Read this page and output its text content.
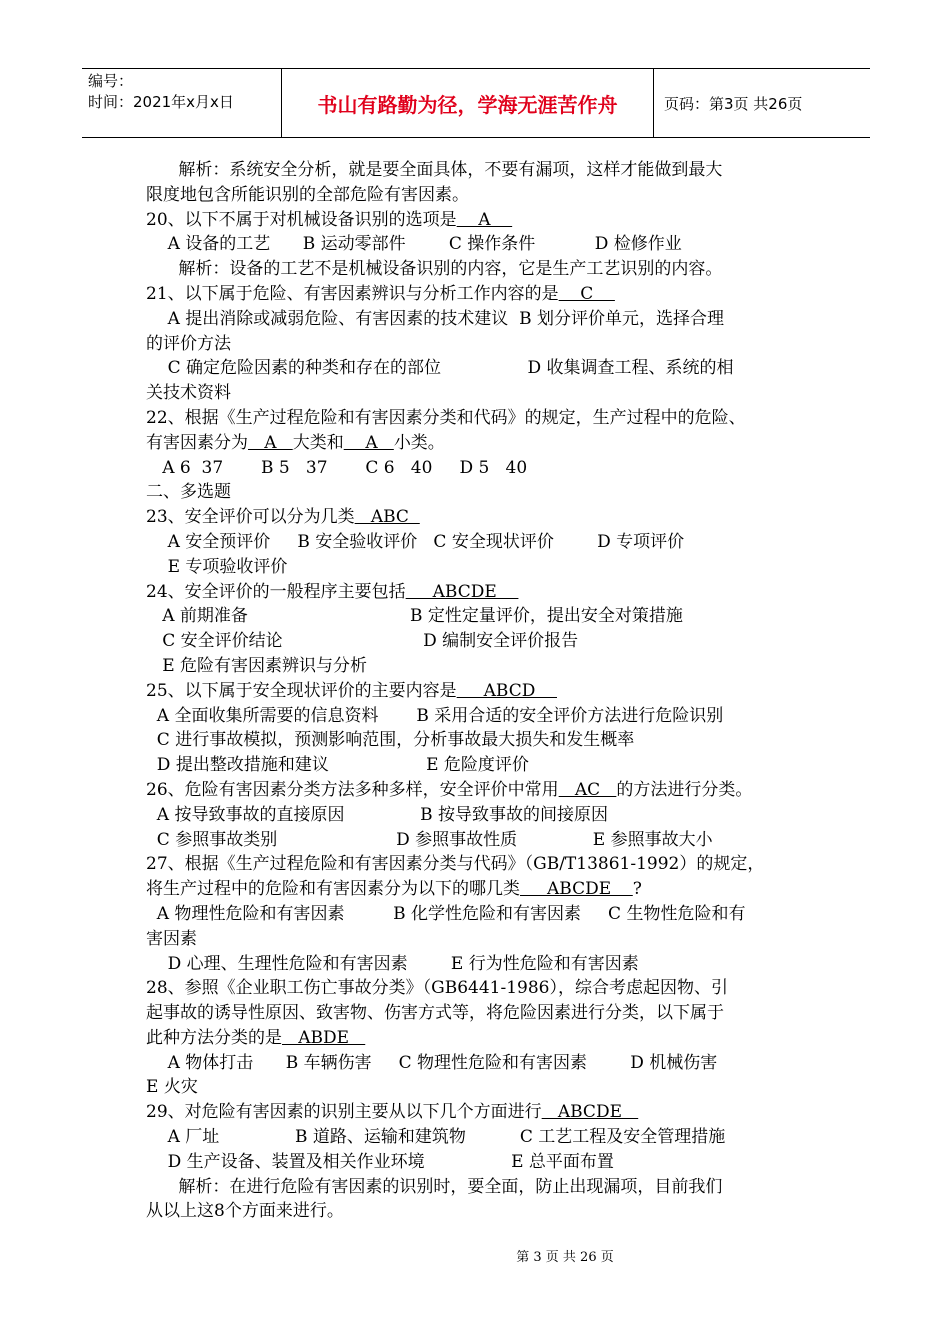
编号：
时间：2021年x月x日	书山有路勤为径，学海无涯苦作舟	页码：第3页 共26页
解析：系统安全分析，就是要全面具体，不要有漏项，这样才能做到最大
限度地包含所能识别的全部危险有害因素。
20、以下不属于对机械设备识别的选项是    A
A 设备的工艺      B 运动零部件        C 操作条件           D 检修作业
解析：设备的工艺不是机械设备识别的内容，它是生产工艺识别的内容。
21、以下属于危险、有害因素辨识与分析工作内容的是    C
A 提出消除或减弱危险、有害因素的技术建议  B 划分评价单元，选择合理
的评价方法
C 确定危险因素的种类和存在的部位                D 收集调查工程、系统的相
关技术资料
22、根据《生产过程危险和有害因素分类和代码》的规定，生产过程中的危险、
有害因素分为   A   大类和    A   小类。
A 6  37       B 5   37       C 6   40     D 5   40
二、多选题
23、安全评价可以分为几类   ABC
A 安全预评价     B 安全验收评价   C 安全现状评价        D 专项评价
E 专项验收评价
24、安全评价的一般程序主要包括     ABCDE
A 前期准备                              B 定性定量评价，提出安全对策措施
C 安全评价结论                          D 编制安全评价报告
E 危险有害因素辨识与分析
25、以下属于安全现状评价的主要内容是     ABCD
A 全面收集所需要的信息资料       B 采用合适的安全评价方法进行危险识别
C 进行事故模拟，预测影响范围，分析事故最大损失和发生概率
D 提出整改措施和建议                  E 危险度评价
26、危险有害因素分类方法多种多样，安全评价中常用   AC   的方法进行分类。
A 按导致事故的直接原因              B 按导致事故的间接原因
C 参照事故类别                      D 参照事故性质              E 参照事故大小
27、根据《生产过程危险和有害因素分类与代码》（GB/T13861-1992）的规定，
将生产过程中的危险和有害因素分为以下的哪几类     ABCDE    ?
A 物理性危险和有害因素         B 化学性危险和有害因素     C 生物性危险和有
害因素
D 心理、生理性危险和有害因素        E 行为性危险和有害因素
28、参照《企业职工伤亡事故分类》（GB6441-1986），综合考虑起因物、引
起事故的诱导性原因、致害物、伤害方式等，将危险因素进行分类，以下属于
此种方法分类的是   ABDE
A 物体打击      B 车辆伤害     C 物理性危险和有害因素        D 机械伤害
E 火灾
29、对危险有害因素的识别主要从以下几个方面进行   ABCDE
A 厂址              B 道路、运输和建筑物          C 工艺工程及安全管理措施
D 生产设备、装置及相关作业环境                E 总平面布置
解析：在进行危险有害因素的识别时，要全面，防止出现漏项，目前我们
从以上这8个方面来进行。
第 3 页 共 26 页
